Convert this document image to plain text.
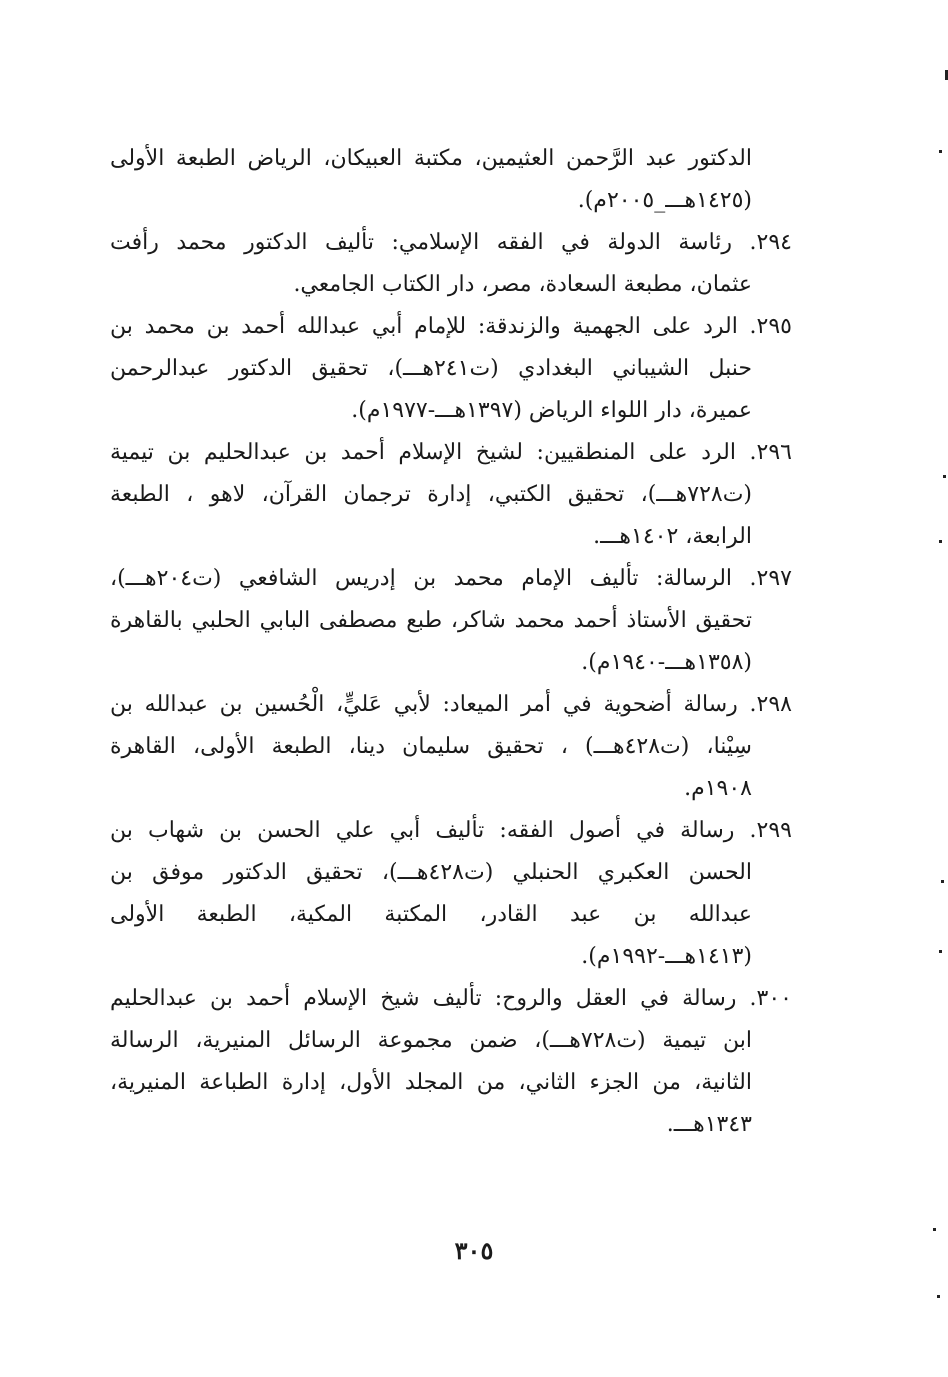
الدكتور عبد الرَّحمن العثيمين، مكتبة العبيكان، الرياض الطبعة الأولى
(١٤٢٥هـــ_٢٠٠٥م).
٢٩٤. رئاسة الدولة في الفقه الإسلامي: تأليف الدكتور محمد رأفت
عثمان، مطبعة السعادة، مصر، دار الكتاب الجامعي.
٢٩٥. الرد على الجهمية والزندقة: للإمام أبي عبدالله أحمد بن محمد بن
حنبل الشيباني البغدادي (ت٢٤١هـــ)، تحقيق الدكتور عبدالرحمن
عميرة، دار اللواء الرياض (١٣٩٧هـــ-١٩٧٧م).
٢٩٦. الرد على المنطقيين: لشيخ الإسلام أحمد بن عبدالحليم بن تيمية
(ت٧٢٨هـــ)، تحقيق الكتبي، إدارة ترجمان القرآن، لاهو ، الطبعة
الرابعة، ١٤٠٢هـــ.
٢٩٧. الرسالة: تأليف الإمام محمد بن إدريس الشافعي (ت٢٠٤هـــ)،
تحقيق الأستاذ أحمد محمد شاكر، طبع مصطفى البابي الحلبي بالقاهرة
(١٣٥٨هـــ-١٩٤٠م).
٢٩٨. رسالة أضحوية في أمر الميعاد: لأبي عَليٍّ، الْحُسين بن عبدالله بن
سِيْنا، (ت٤٢٨هـــ) ، تحقيق سليمان دينا، الطبعة الأولى، القاهرة
١٩٠٨م.
٢٩٩. رسالة في أصول الفقه: تأليف أبي علي الحسن بن شهاب بن
الحسن العكبري الحنبلي (ت٤٢٨هـــ)، تحقيق الدكتور موفق بن
عبدالله بن عبد القادر، المكتبة المكية، الطبعة الأولى
(١٤١٣هـــ-١٩٩٢م).
٣٠٠. رسالة في العقل والروح: تأليف شيخ الإسلام أحمد بن عبدالحليم
ابن تيمية (ت٧٢٨هـــ)، ضمن مجموعة الرسائل المنيرية، الرسالة
الثانية، من الجزء الثاني، من المجلد الأول، إدارة الطباعة المنيرية،
١٣٤٣هـــ.
٣٠٥
